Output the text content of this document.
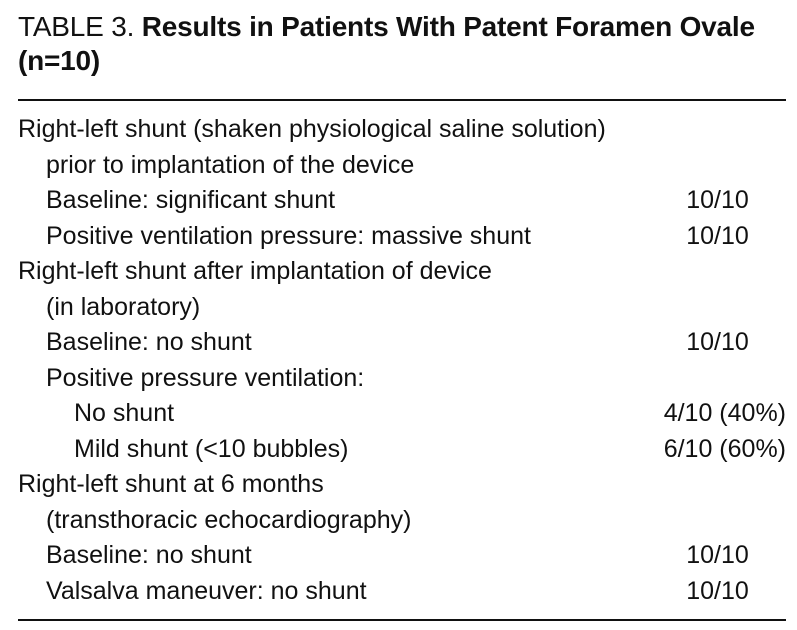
TABLE 3. Results in Patients With Patent Foramen Ovale (n=10)

Right-left shunt (shaken physiological saline solution)
prior to implantation of the device
Baseline: significant shunt	10/10
Positive ventilation pressure: massive shunt	10/10
Right-left shunt after implantation of device
(in laboratory)
Baseline: no shunt	10/10
Positive pressure ventilation:
No shunt	4/10 (40%)
Mild shunt (<10 bubbles)	6/10 (60%)
Right-left shunt at 6 months
(transthoracic echocardiography)
Baseline: no shunt	10/10
Valsalva maneuver: no shunt	10/10
